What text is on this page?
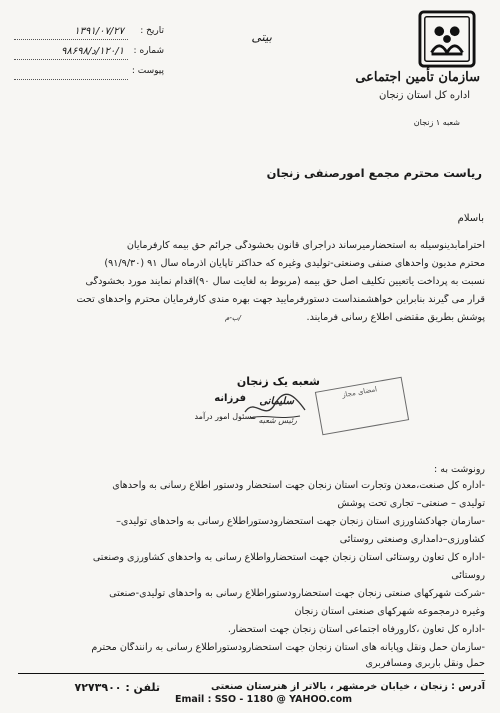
تاریخ :
۱۳۹۱/۰۷/۲۷
شماره :
۱۲۰/۱/د/۹۸۶۹۸
پیوست :
بیتی
سازمان تأمین اجتماعی
اداره کل استان زنجان
شعبه ۱ زنجان
ریاست محترم مجمع امورصنفی زنجان
باسلام
احتراماًبدینوسیله به استحضارمیرساند دراجرای قانون بخشودگی جرائم حق بیمه کارفرمایان
محترم مدیون واحدهای صنفی وصنعتی-تولیدی وغیره که حداکثر تاپایان آذرماه سال ۹۱ (۹۱/۹/۳۰)
نسبت به پرداخت یاتعیین تکلیف اصل حق بیمه (مربوط به لغایت سال ۹۰)اقدام نمایند مورد بخشودگی
قرار می گیرند بنابراین خواهشمنداست دستورفرمایید جهت بهره مندی کارفرمایان محترم واحدهای تحت
پوشش بطریق مقتضی اطلاع رسانی فرمایند.
ب-م/
شعبه یک زنجان
فرزانه
مسئول امور درآمد
سلیمانی
رئیس شعبه
امضای مجاز
رونوشت به :
-اداره کل صنعت،معدن وتجارت استان زنجان جهت استحضار ودستور اطلاع رسانی به واحدهای
تولیدی – صنعتی– تجاری تحت پوشش
-سازمان جهادکشاورزی استان زنجان جهت استحضارودستوراطلاع رسانی به واحدهای تولیدی–
کشاورزی–دامداری وصنعتی روستائی
-اداره کل تعاون روستائی استان زنجان جهت استحضارواطلاع رسانی به واحدهای کشاورزی وصنعتی
روستائی
-شرکت شهرکهای صنعتی زنجان جهت استحضارودستوراطلاع رسانی به واحدهای تولیدی-صنعتی
وغیره درمجموعه شهرکهای صنعتی استان زنجان
-اداره کل تعاون ،کارورفاه اجتماعی استان زنجان جهت استحضار.
-سازمان حمل ونقل وپایانه های استان زنجان جهت استحضارودستوراطلاع رسانی به رانندگان محترم
حمل ونقل باربری ومسافربری
آدرس : زنجان ، خیابان خرمشهر ، بالاتر از هنرستان صنعتی
Email : SSO - 1180 @ YAHOO.com
تلفن : ۷۲۷۳۹۰۰
